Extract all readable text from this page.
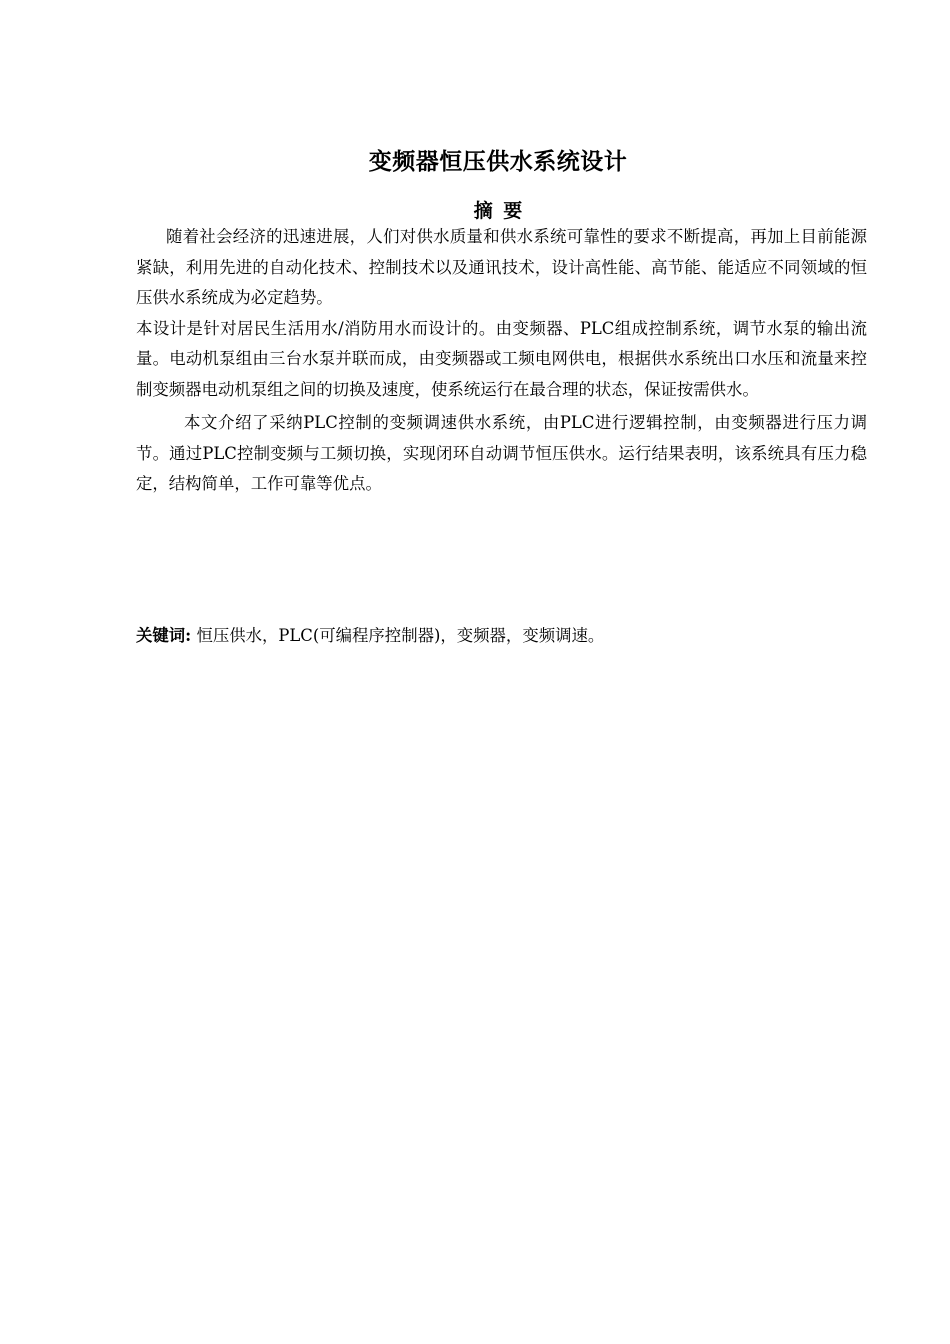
变频器恒压供水系统设计
摘 要

随着社会经济的迅速进展，人们对供水质量和供水系统可靠性的要求不断提高，再加上目前能源紧缺，利用先进的自动化技术、控制技术以及通讯技术，设计高性能、高节能、能适应不同领域的恒压供水系统成为必定趋势。

本设计是针对居民生活用水/消防用水而设计的。由变频器、PLC组成控制系统，调节水泵的输出流量。电动机泵组由三台水泵并联而成，由变频器或工频电网供电，根据供水系统出口水压和流量来控制变频器电动机泵组之间的切换及速度，使系统运行在最合理的状态，保证按需供水。

本文介绍了采纳PLC控制的变频调速供水系统，由PLC进行逻辑控制，由变频器进行压力调节。通过PLC控制变频与工频切换，实现闭环自动调节恒压供水。运行结果表明，该系统具有压力稳定，结构简单，工作可靠等优点。

关键词: 恒压供水，PLC(可编程序控制器)，变频器，变频调速。
